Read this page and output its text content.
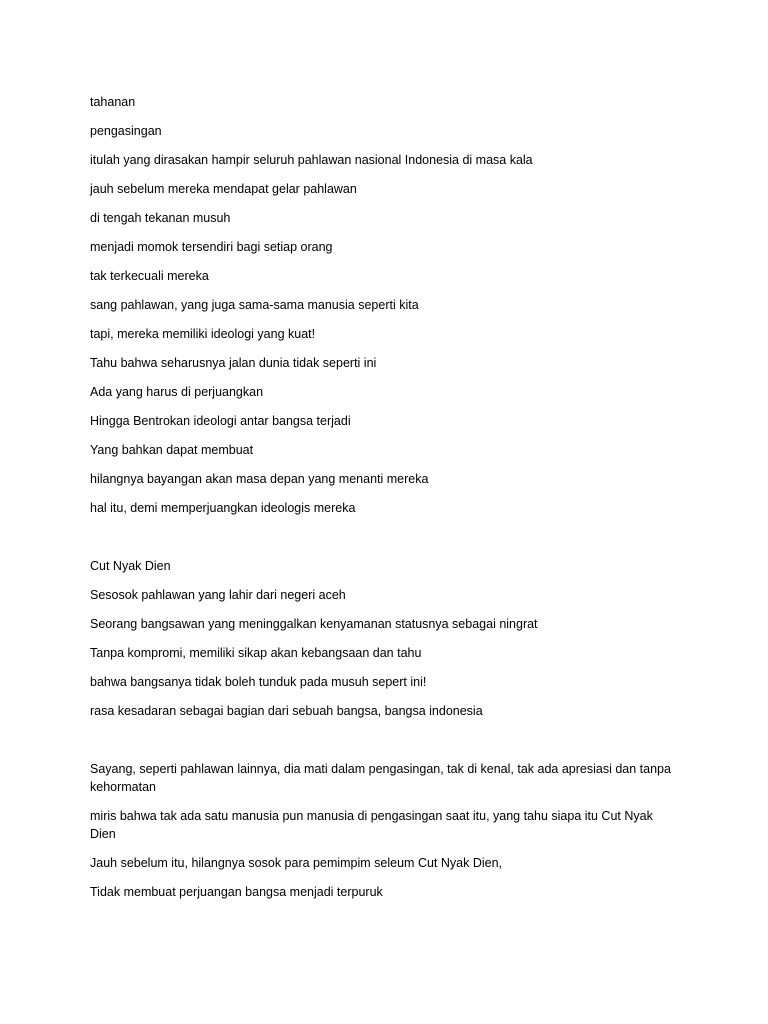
tahanan

pengasingan

itulah yang dirasakan hampir seluruh pahlawan nasional Indonesia di masa kala

jauh sebelum mereka mendapat gelar pahlawan

di tengah tekanan musuh

menjadi momok tersendiri bagi setiap orang

tak terkecuali mereka

sang pahlawan, yang juga sama-sama manusia seperti kita

tapi, mereka memiliki ideologi yang kuat!

Tahu bahwa seharusnya jalan dunia tidak seperti ini

Ada yang harus di perjuangkan

Hingga Bentrokan ideologi antar bangsa terjadi

Yang bahkan dapat membuat

hilangnya bayangan akan masa depan yang menanti mereka

hal itu, demi memperjuangkan ideologis mereka

Cut Nyak Dien

Sesosok pahlawan yang lahir dari negeri aceh

Seorang bangsawan yang meninggalkan kenyamanan statusnya sebagai ningrat

Tanpa kompromi, memiliki sikap akan kebangsaan dan tahu

bahwa bangsanya tidak boleh tunduk pada musuh sepert ini!

rasa kesadaran sebagai bagian dari sebuah bangsa, bangsa indonesia

Sayang, seperti pahlawan lainnya, dia mati dalam pengasingan, tak di kenal, tak ada apresiasi dan tanpa kehormatan

miris bahwa tak ada satu manusia pun manusia di pengasingan saat itu, yang tahu siapa itu Cut Nyak Dien

Jauh sebelum itu, hilangnya sosok para pemimpim seleum Cut Nyak Dien,

Tidak membuat perjuangan bangsa menjadi terpuruk
